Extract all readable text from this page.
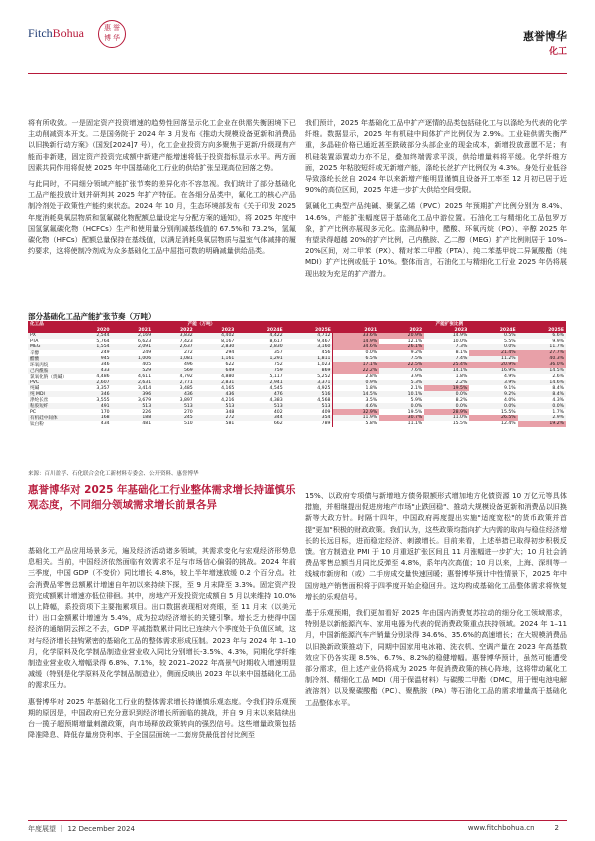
FitchBohua	惠 誉
博 华	惠誉博华
化工

将有所收敛。一是固定资产投资增速的趋势性回落呈示化工企业在供需失衡困境下已主动削减资本开支。二是国务院于 2024 年 3 月发布《推动大规模设备更新和消费品以旧换新行动方案》（国发[2024]7 号），化工企业投资方向多聚焦于更新/升级现有产能而非新建，固定资产投资完成额中新建产能增速将低于投资指标显示水平。两方面因素共同作用将促使 2025 年中国基础化工行业的供给扩张呈现高位回落之势。

与此同时，不同细分领域产能扩张节奏的差异化亦不容忽视。我们统计了部分基础化工品产能投放计划并研判其 2025 年扩产特征。在各细分品类中，氟化工的核心产品制冷剂处于政策性产能约束状态。2024 年 10 月，生态环境部发布《关于印发 2025 年度消耗臭氧层物质和氢氟碳化物配额总量设定与分配方案的通知》，将 2025 年度中国氢氯氟碳化物（HCFCs）生产和使用量分别削减基线值的 67.5%和 73.2%，氢氟碳化物（HFCs）配额总量保持在基线值，以满足消耗臭氧层物质与温室气体减排的履约要求，这将使制冷剂成为众多基础化工品中屈指可数的明确减量供给品类。

我们预计，2025 年基础化工品中扩产逐情的品类包括硅化工与以涤纶为代表的化学纤维。数据显示，2025 年有机硅中间体扩产比例仅为 2.9%。工业硅供需失衡严重，多晶硅价格已通近甚至跌破部分头部企业的现金成本，新增投放意愿不足；有机硅装置添置动力亦不足，叠加终端需求平淡，供给增量料将平缓。化学纤维方面，2025 年粘胶短纤或无新增产能，涤纶长丝扩产比例仅为 4.3%。身处行业低谷导致涤纶长丝自 2024 年以来新增产能明显谨慎且设备开工率至 12 月初已居于近 90%的高位区间，2025 年进一步扩大供给空间受限。

氯碱化工典型产品纯碱、聚氯乙烯（PVC）2025 年预期扩产比例分别为 8.4%、14.6%，产能扩张幅度居于基础化工品中游位置。石油化工与精细化工品包罗万象，扩产比例亦展现多元化。监测品种中，醋酸、环氧丙烷（PO）、辛醇 2025 年有望录得超越 20%的扩产比例，己内酰胺、乙二醇（MEG）扩产比例则居于 10%–20%区间，对二甲苯（PX）、精对苯二甲酸（PTA）、纯二苯基甲烷二异氰酸酯（纯 MDI）扩产比例或低于 10%。整体而言，石油化工与精细化工行业 2025 年仍将展现出较为充足的扩产潜力。

部分基础化工品产能扩张节奏（万吨）
化工品	产能（万吨）						产能扩张比例				
	2020	2021	2022	2023	2024E	2025E	2021	2022	2023	2024E	2025E
PX	2,544	2,169	3,832	4,402	4,422	4,712	33.6%	20.9%	14.9%	0.5%	6.6%
PTA	5,764	6,623	7,423	8,167	8,617	9,467	14.9%	12.1%	10.0%	5.5%	9.9%
MEG	1,554	2,091	2,637	2,830	2,830	3,160	34.6%	26.1%	7.3%	0.0%	11.7%
辛醇	249	249	272	294	357	456	0.0%	9.2%	8.1%	21.4%	27.7%
醋酸	945	1,006	1,081	1,161	1,291	1,811	6.5%	7.5%	7.4%	11.2%	40.3%
环氧丙烷	346	405	496	622	752	1,023	17.1%	22.5%	25.4%	20.9%	36.0%
己内酰胺	433	529	569	649	759	869	22.2%	7.6%	14.1%	16.9%	14.5%
氯氧化钠（烧碱）	4,486	4,611	4,792	4,880	5,117	5,252	2.8%	3.9%	1.8%	4.9%	2.6%
PVC	2,607	2,631	2,771	2,831	2,941	3,371	0.9%	5.3%	2.2%	3.9%	14.6%
纯碱	3,357	3,414	3,485	4,165	4,545	4,925	1.8%	2.1%	19.5%	9.1%	8.4%
纯 MDI	346	396	436	436	476	516	14.5%	10.1%	0.0%	9.2%	8.4%
涤纶长丝	3,555	3,679	3,897	4,216	4,383	4,568	3.5%	5.9%	8.2%	4.0%	4.3%
粘胶短纤	491	513	513	513	513	513	4.6%	0.0%	0.0%	0.0%	0.0%
PC	170	226	270	348	402	409	32.9%	19.5%	28.9%	15.5%	1.7%
有机硅中间体	168	188	245	272	344	354	11.9%	30.7%	11.0%	26.5%	2.9%
钛白粉	434	481	510	581	662	789	5.8%	11.1%	15.5%	12.4%	19.2%
来源：百川盈孚、石化联合会化工新材料专委会、公开资料、惠誉博华
惠誉博华对 2025 年基础化工行业整体需求增长持谨慎乐观态度，不同细分领域需求增长前景各异

基础化工产品应用场景多元，遍及经济活动诸多领域，其需求变化与宏观经济形势息息相关。当前，中国经济依然面临有效需求不足与市场信心偏弱的挑战。2024 年前三季度，中国 GDP（不变价）同比增长 4.8%，较上半年增速放缓 0.2 个百分点。社会消费品零售总额累计增速自年初以来持续下探，至 9 月末降至 3.3%。固定资产投资完成额累计增速亦低位徘徊。其中，房地产开发投资完成额自 5 月以来维持 10.0%以上降幅，系投资项下主要拖累项目。出口数据表现相对亮眼，至 11 月末（以美元计）出口金额累计增速为 5.4%，成为拉动经济增长的关键引擎。增长乏力使得中国经济的通缩阴云挥之不去，GDP 平减指数累计同比已连续六个季度处于负值区域，这对与经济增长挂钩紧密的基础化工品的整体需求形成压制。2023 年与 2024 年 1–10 月，化学原料及化学制品制造业营业收入同比分别增长-3.5%、4.3%，同期化学纤维制造业营业收入增幅录得 6.8%、7.1%，较 2021–2022 年高景气时期收入增速明显减缓（特别是化学原料及化学制品制造业），侧面反映出 2023 年以来中国基础化工品的需求压力。

惠誉博华对 2025 年基础化工行业的整体需求增长持谨慎乐观态度。令我们持乐观预期的原因是，中国政府已充分意识到经济增长所面临的挑战，并自 9 月末以来陆续出台一揽子超预期增量刺激政策，向市场释放政策转向的强烈信号。这些增量政策包括降准降息、降低存量房贷利率、于全国层面统一二套房贷最低首付比例至

15%、以政府专项债与新增地方债务限额形式增加地方化债资源 10 万亿元等具体措施，并相继提出促进房地产市场"止跌回稳"、推动大规模设备更新和消费品以旧换新等大政方针。时隔十四年，中国政府再度提出实施"适度宽松"的货币政策并首提"更加"积极的财政政策。我们认为，这些政策均指向扩大内需的取向与稳住经济增长的长远目标，进而稳定经济、刺激增长。目前来看，上述举措已取得初步积极反馈。官方制造业 PMI 于 10 月重返扩张区间且 11 月涨幅进一步扩大；10 月社会消费品零售总额当月同比反弹至 4.8%，系年内次高值；10 月以来，上海、深圳等一线城市新房和（或）二手房成交量快速回暖；惠誉博华预计中性情景下，2025 年中国房地产销售面积将于四季度开始企稳回升。这均构成基础化工品整体需求将恢复增长的乐观信号。

基于乐观预期，我们更加看好 2025 年由国内消费复苏拉动的细分化工领域需求，特别是以新能源汽车、家用电器为代表的促消费政策重点扶持领域。2024 年 1–11 月，中国新能源汽车产销量分别录得 34.6%、35.6%的高速增长；在大规模消费品以旧换新政策推动下，同期中国家用电冰箱、洗衣机、空调产量在 2023 年高基数效应下仍各实现 8.5%、6.7%、8.2%的稳健增幅。惠誉博华预计，虽然可能遭受部分需求，但上述产业仍将成为 2025 年促消费政策的核心阵地，这将带动氟化工制冷剂、精细化工品 MDI（用于保温材料）与碳酸二甲酯（DMC，用于锂电池电解液溶剂）以及聚碳酸酯（PC）、聚酰胺（PA）等石油化工品的需求增量高于基础化工品整体水平。

年度展望 ｜ 12 December 2024	www.fitchbohua.cn	2
